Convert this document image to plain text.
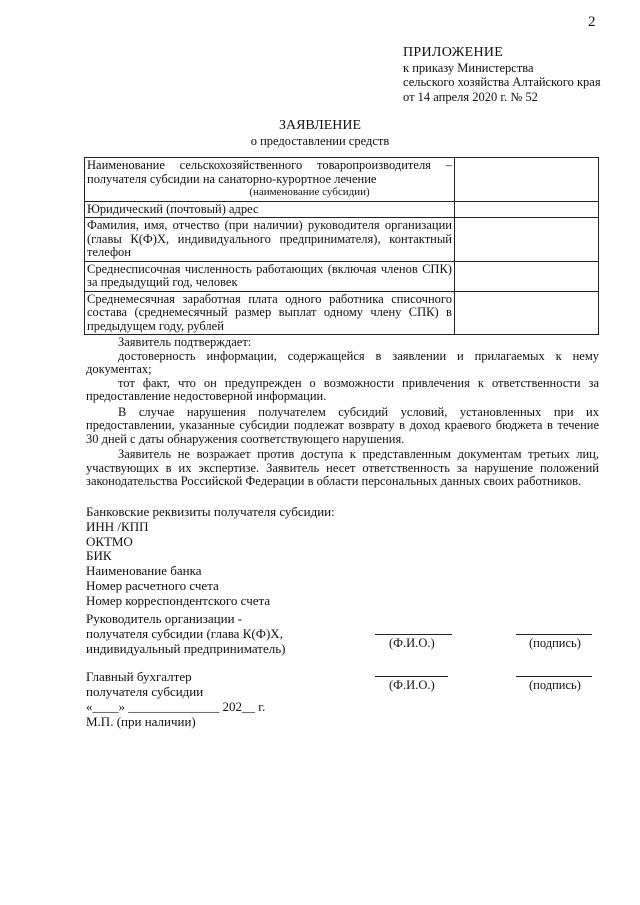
2
ПРИЛОЖЕНИЕ
к приказу Министерства
сельского хозяйства Алтайского края
от 14 апреля 2020 г. № 52
ЗАЯВЛЕНИЕ
о предоставлении средств
Наименование сельскохозяйственного товаропроизводителя – получателя субсидии на санаторно-курортное лечение
(наименование субсидии)	

Юридический (почтовый) адрес	
Фамилия, имя, отчество (при наличии) руководителя организации (главы К(Ф)Х, индивидуального предпринимателя), контактный телефон	
Среднесписочная численность работающих (включая членов СПК) за предыдущий год, человек	
Среднемесячная заработная плата одного работника списочного состава (среднемесячный размер выплат одному члену СПК) в предыдущем году, рублей	

Заявитель подтверждает:

достоверность информации, содержащейся в заявлении и прилагаемых к нему документах;

тот факт, что он предупрежден о возможности привлечения к ответственности за предоставление недостоверной информации.

В случае нарушения получателем субсидий условий, установленных при их предоставлении, указанные субсидии подлежат возврату в доход краевого бюджета в течение 30 дней с даты обнаружения соответствующего нарушения.

Заявитель не возражает против доступа к представленным документам третьих лиц, участвующих в их экспертизе. Заявитель несет ответственность за нарушение положений законодательства Российской Федерации в области персональных данных своих работников.

Банковские реквизиты получателя субсидии:
ИНН /КПП
ОКТМО
БИК
Наименование банка
Номер расчетного счета
Номер корреспондентского счета
Руководитель организации -
получателя субсидии (глава К(Ф)Х,
индивидуальный предприниматель)
Главный бухгалтер
получателя субсидии
«____» ______________ 202__ г.
М.П. (при наличии)
(Ф.И.О.)	(подпись)
(Ф.И.О.)	(подпись)
